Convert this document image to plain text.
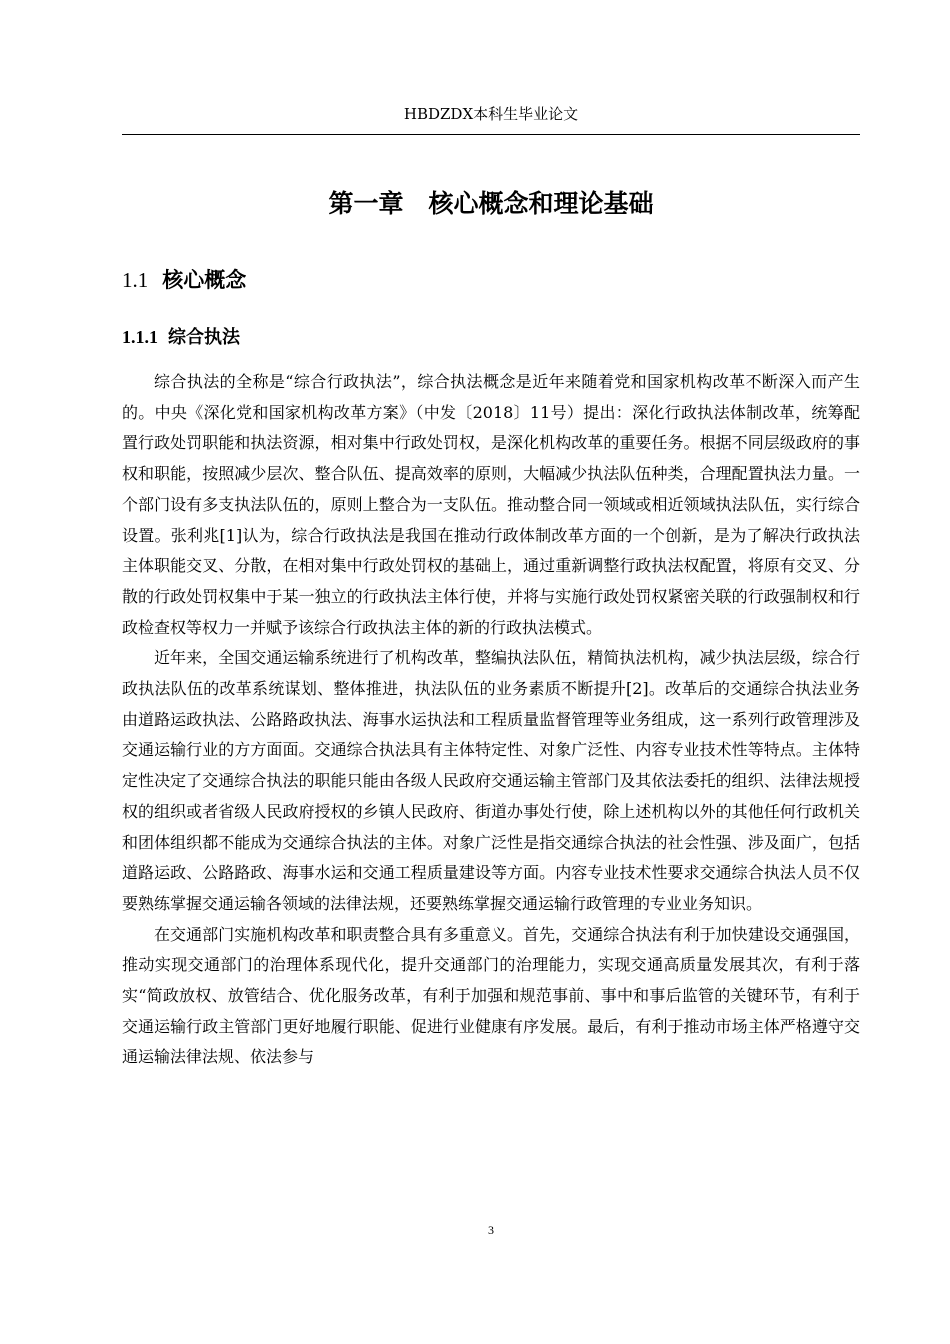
HBDZDX本科生毕业论文
第一章　核心概念和理论基础
1.1 核心概念
1.1.1 综合执法

综合执法的全称是“综合行政执法”，综合执法概念是近年来随着党和国家机构改革不断深入而产生的。中央《深化党和国家机构改革方案》（中发〔2018〕11号）提出：深化行政执法体制改革，统筹配置行政处罚职能和执法资源，相对集中行政处罚权，是深化机构改革的重要任务。根据不同层级政府的事权和职能，按照减少层次、整合队伍、提高效率的原则，大幅减少执法队伍种类，合理配置执法力量。一个部门设有多支执法队伍的，原则上整合为一支队伍。推动整合同一领域或相近领域执法队伍，实行综合设置。张利兆[1]认为，综合行政执法是我国在推动行政体制改革方面的一个创新，是为了解决行政执法主体职能交叉、分散，在相对集中行政处罚权的基础上，通过重新调整行政执法权配置，将原有交叉、分散的行政处罚权集中于某一独立的行政执法主体行使，并将与实施行政处罚权紧密关联的行政强制权和行政检查权等权力一并赋予该综合行政执法主体的新的行政执法模式。

近年来，全国交通运输系统进行了机构改革，整编执法队伍，精简执法机构，减少执法层级，综合行政执法队伍的改革系统谋划、整体推进，执法队伍的业务素质不断提升[2]。改革后的交通综合执法业务由道路运政执法、公路路政执法、海事水运执法和工程质量监督管理等业务组成，这一系列行政管理涉及交通运输行业的方方面面。交通综合执法具有主体特定性、对象广泛性、内容专业技术性等特点。主体特定性决定了交通综合执法的职能只能由各级人民政府交通运输主管部门及其依法委托的组织、法律法规授权的组织或者省级人民政府授权的乡镇人民政府、街道办事处行使，除上述机构以外的其他任何行政机关和团体组织都不能成为交通综合执法的主体。对象广泛性是指交通综合执法的社会性强、涉及面广，包括道路运政、公路路政、海事水运和交通工程质量建设等方面。内容专业技术性要求交通综合执法人员不仅要熟练掌握交通运输各领域的法律法规，还要熟练掌握交通运输行政管理的专业业务知识。

在交通部门实施机构改革和职责整合具有多重意义。首先，交通综合执法有利于加快建设交通强国，推动实现交通部门的治理体系现代化，提升交通部门的治理能力，实现交通高质量发展其次，有利于落实“简政放权、放管结合、优化服务改革，有利于加强和规范事前、事中和事后监管的关键环节，有利于交通运输行政主管部门更好地履行职能、促进行业健康有序发展。最后，有利于推动市场主体严格遵守交通运输法律法规、依法参与

3
